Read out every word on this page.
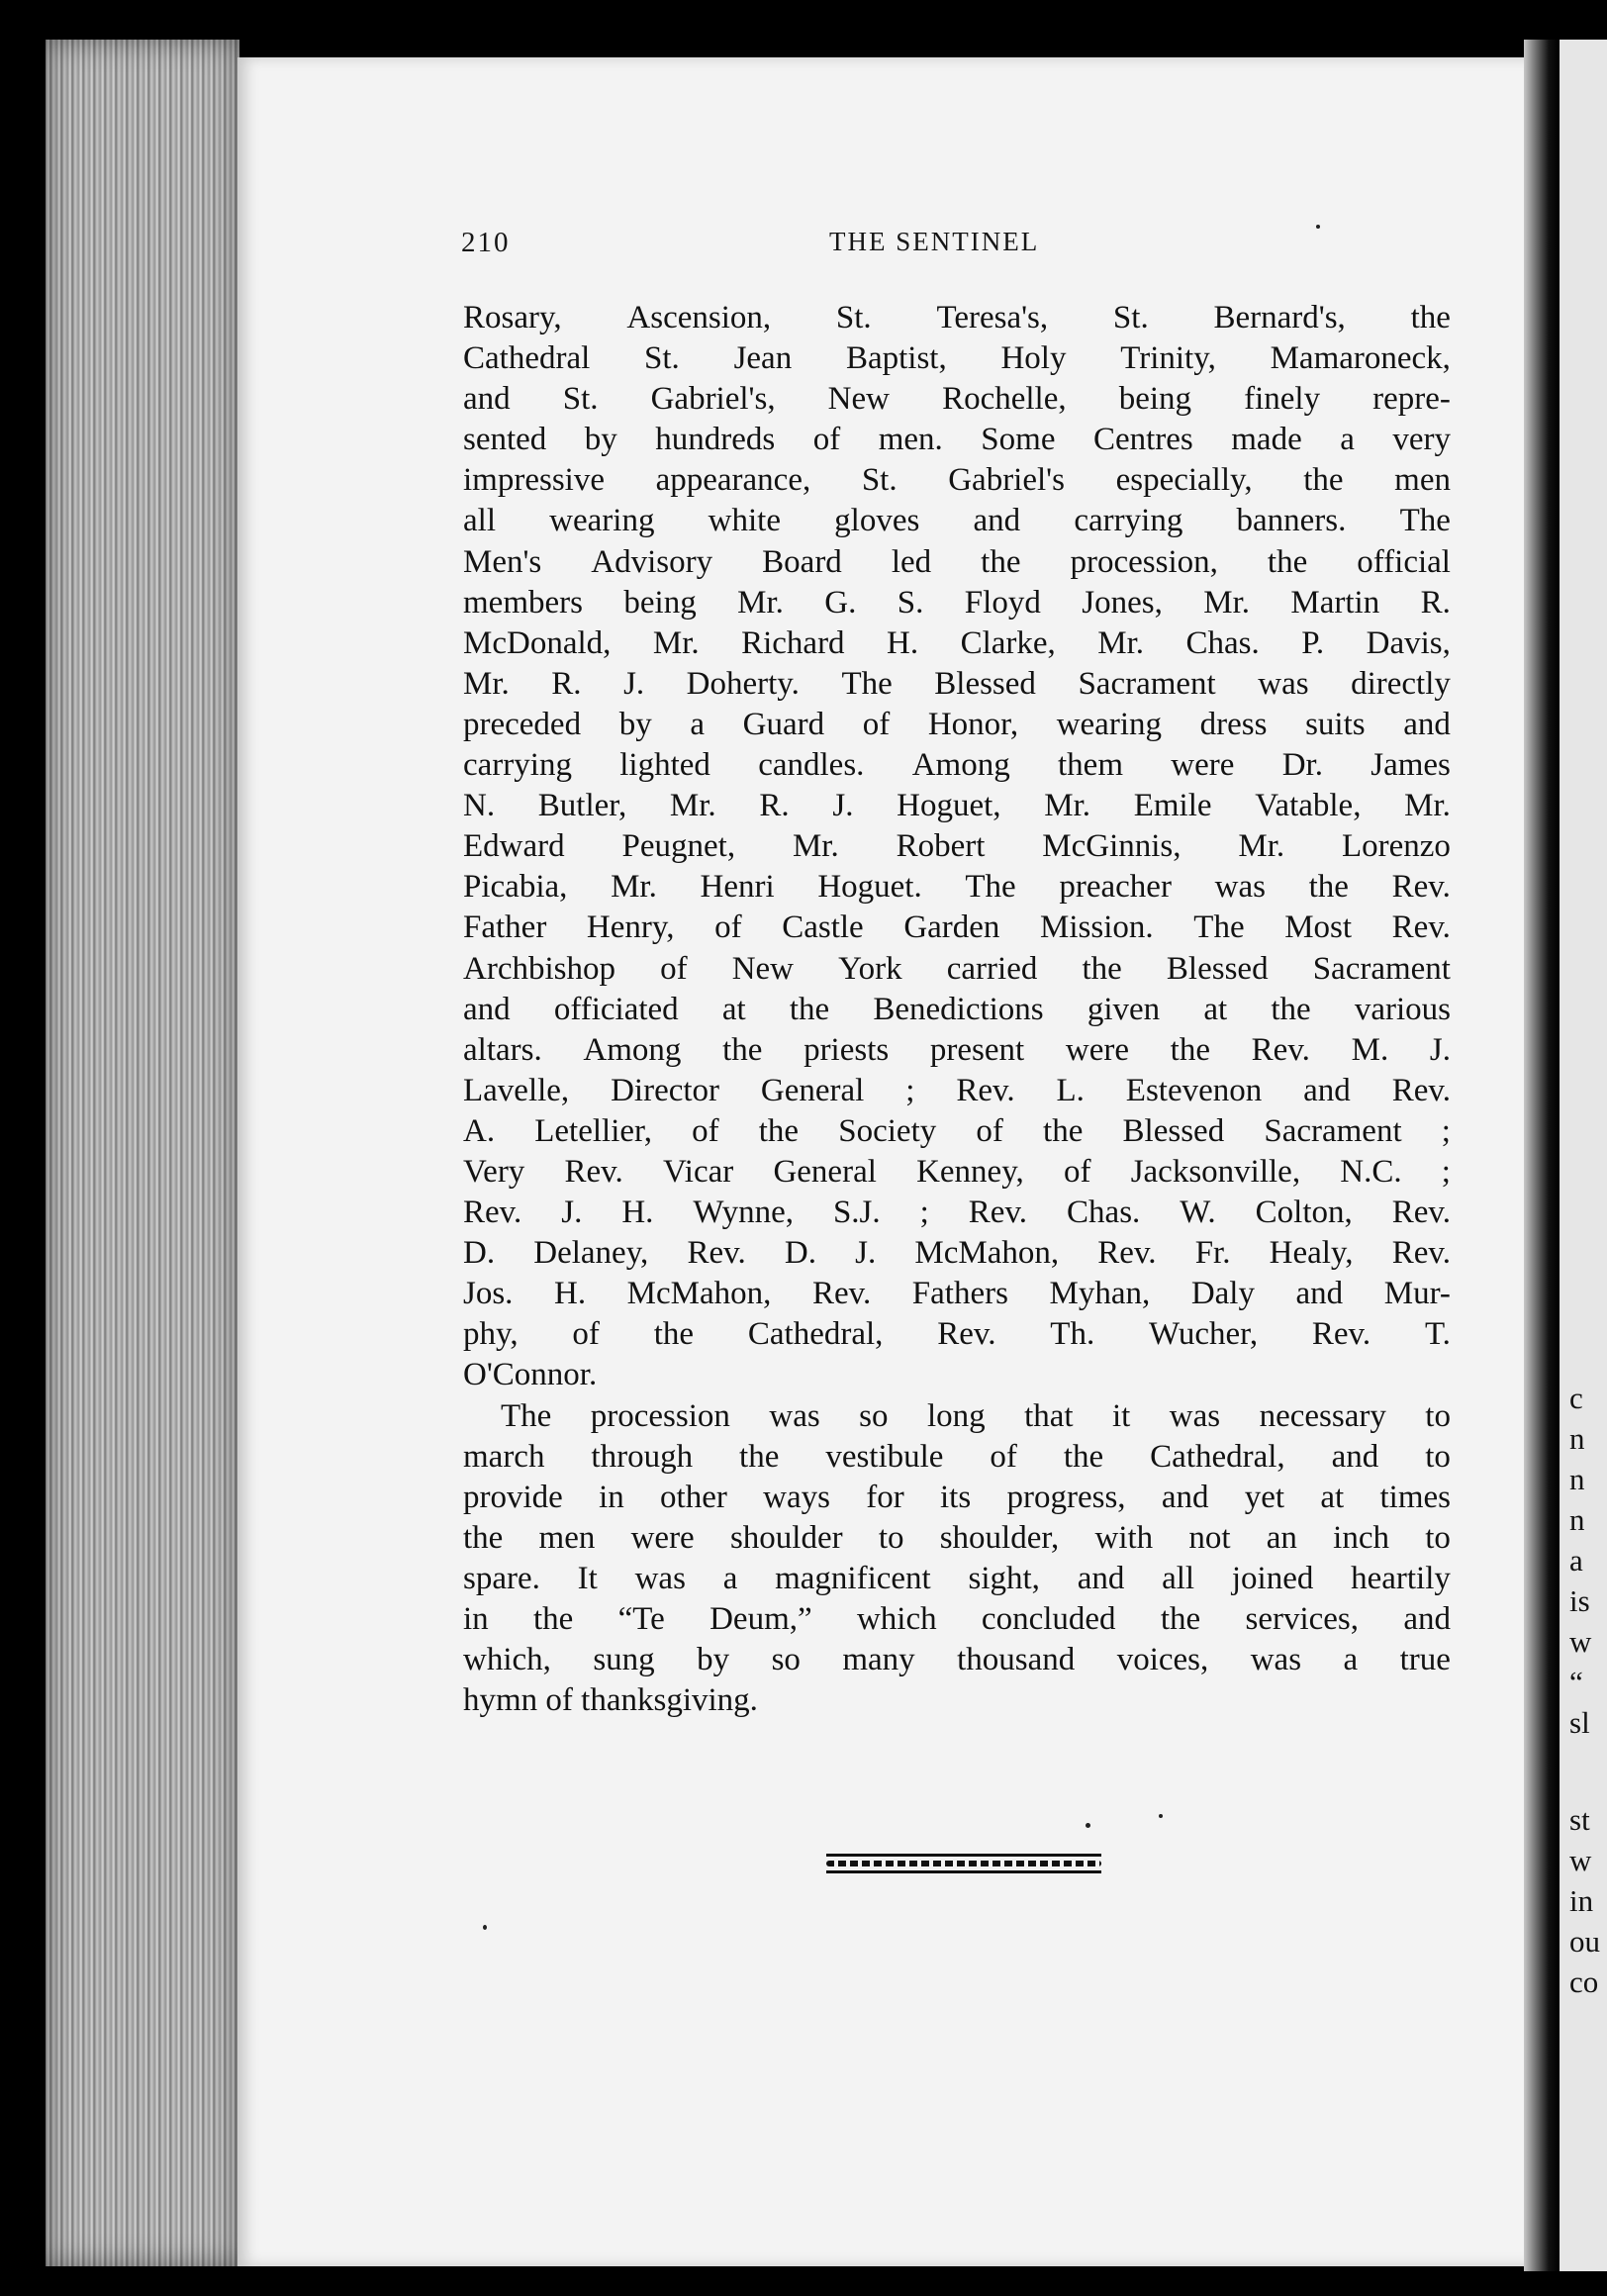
210	THE SENTINEL
Rosary, Ascension, St. Teresa's, St. Bernard's, the
Cathedral St. Jean Baptist, Holy Trinity, Mamaroneck,
and St. Gabriel's, New Rochelle, being finely repre-
sented by hundreds of men. Some Centres made a very
impressive appearance, St. Gabriel's especially, the men
all wearing white gloves and carrying banners. The
Men's Advisory Board led the procession, the official
members being Mr. G. S. Floyd Jones, Mr. Martin R.
McDonald, Mr. Richard H. Clarke, Mr. Chas. P. Davis,
Mr. R. J. Doherty. The Blessed Sacrament was directly
preceded by a Guard of Honor, wearing dress suits and
carrying lighted candles. Among them were Dr. James
N. Butler, Mr. R. J. Hoguet, Mr. Emile Vatable, Mr.
Edward Peugnet, Mr. Robert McGinnis, Mr. Lorenzo
Picabia, Mr. Henri Hoguet. The preacher was the Rev.
Father Henry, of Castle Garden Mission. The Most Rev.
Archbishop of New York carried the Blessed Sacrament
and officiated at the Benedictions given at the various
altars. Among the priests present were the Rev. M. J.
Lavelle, Director General ; Rev. L. Estevenon and Rev.
A. Letellier, of the Society of the Blessed Sacrament ;
Very Rev. Vicar General Kenney, of Jacksonville, N.C. ;
Rev. J. H. Wynne, S.J. ; Rev. Chas. W. Colton, Rev.
D. Delaney, Rev. D. J. McMahon, Rev. Fr. Healy, Rev.
Jos. H. McMahon, Rev. Fathers Myhan, Daly and Mur-
phy, of the Cathedral, Rev. Th. Wucher, Rev. T.
O'Connor.
The procession was so long that it was necessary to
march through the vestibule of the Cathedral, and to
provide in other ways for its progress, and yet at times
the men were shoulder to shoulder, with not an inch to
spare. It was a magnificent sight, and all joined heartily
in the “Te Deum,” which concluded the services, and
which, sung by so many thousand voices, was a true
hymn of thanksgiving.
c
n
n
n
a
is
w
“
sl
st
w
in
ou
co
